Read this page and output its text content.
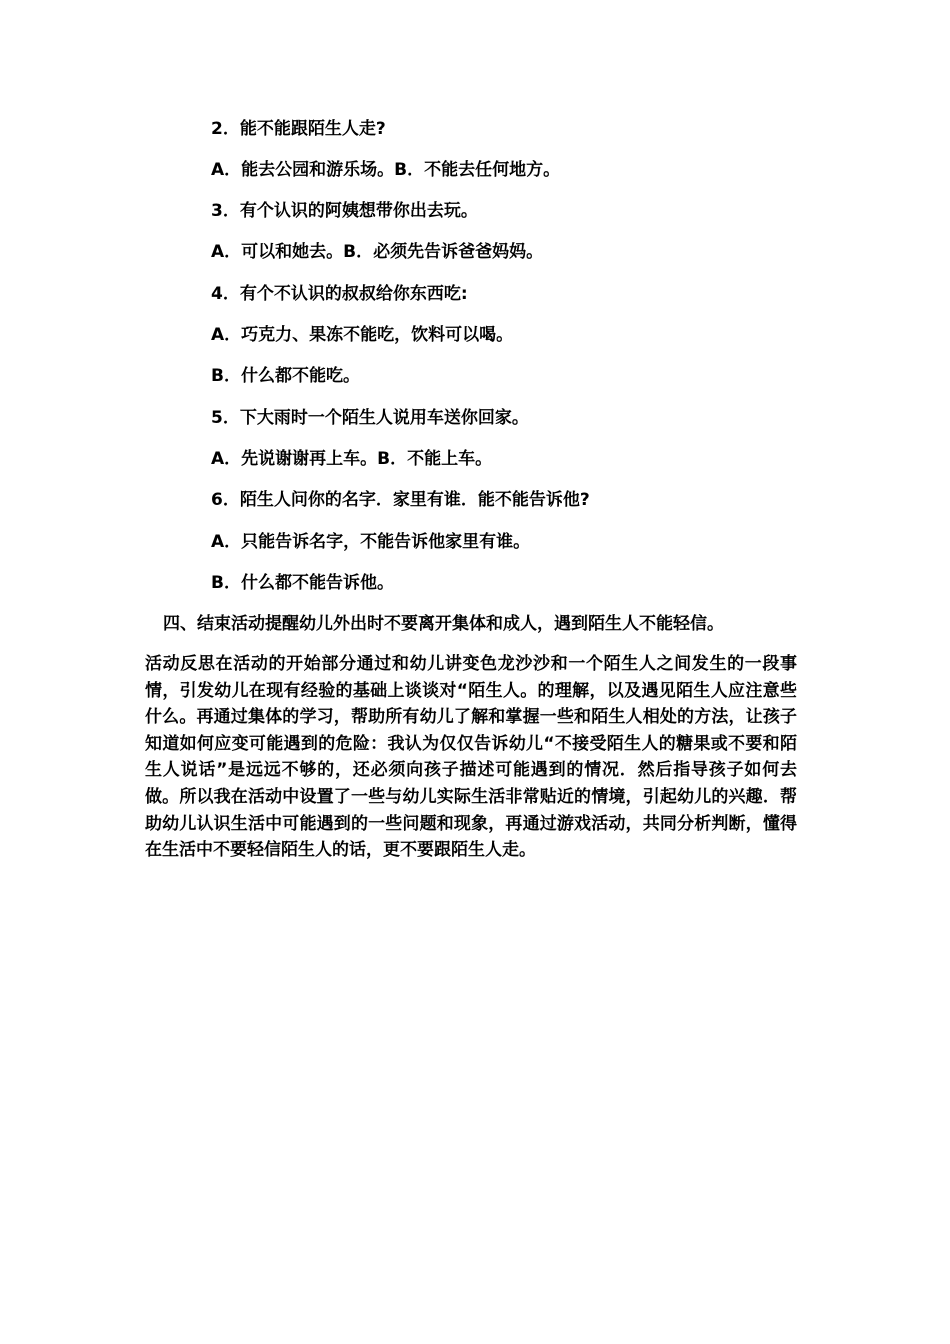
2．能不能跟陌生人走?
A．能去公园和游乐场。B．不能去任何地方。
3．有个认识的阿姨想带你出去玩。
A．可以和她去。B．必须先告诉爸爸妈妈。
4．有个不认识的叔叔给你东西吃:
A．巧克力、果冻不能吃，饮料可以喝。
B．什么都不能吃。
5．下大雨时一个陌生人说用车送你回家。
A．先说谢谢再上车。B．不能上车。
6．陌生人问你的名字．家里有谁．能不能告诉他?
A．只能告诉名字，不能告诉他家里有谁。
B．什么都不能告诉他。
四、结束活动提醒幼儿外出时不要离开集体和成人，遇到陌生人不能轻信。
活动反思在活动的开始部分通过和幼儿讲变色龙沙沙和一个陌生人之间发生的一段事情，引发幼儿在现有经验的基础上谈谈对“陌生人。的理解，以及遇见陌生人应注意些什么。再通过集体的学习，帮助所有幼儿了解和掌握一些和陌生人相处的方法，让孩子知道如何应变可能遇到的危险：我认为仅仅告诉幼儿“不接受陌生人的糖果或不要和陌生人说话”是远远不够的，还必须向孩子描述可能遇到的情况．然后指导孩子如何去做。所以我在活动中设置了一些与幼儿实际生活非常贴近的情境，引起幼儿的兴趣．帮助幼儿认识生活中可能遇到的一些问题和现象，再通过游戏活动，共同分析判断，懂得在生活中不要轻信陌生人的话，更不要跟陌生人走。
